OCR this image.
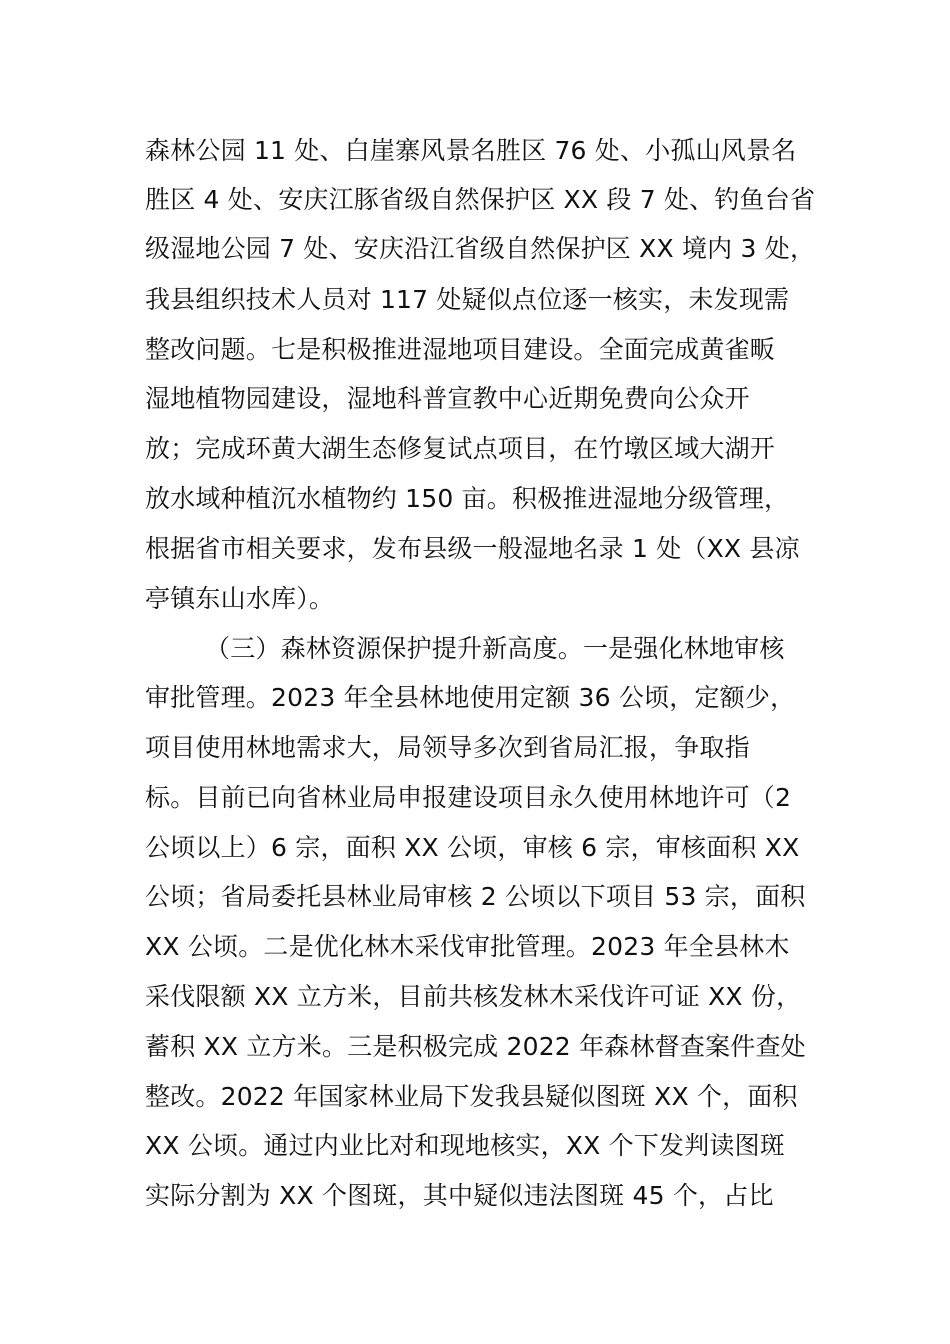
森林公园 11 处、白崖寨风景名胜区 76 处、小孤山风景名
胜区 4 处、安庆江豚省级自然保护区 XX 段 7 处、钓鱼台省
级湿地公园 7 处、安庆沿江省级自然保护区 XX 境内 3 处，
我县组织技术人员对 117 处疑似点位逐一核实，未发现需
整改问题。七是积极推进湿地项目建设。全面完成黄雀畈
湿地植物园建设，湿地科普宣教中心近期免费向公众开
放；完成环黄大湖生态修复试点项目，在竹墩区域大湖开
放水域种植沉水植物约 150 亩。积极推进湿地分级管理，
根据省市相关要求，发布县级一般湿地名录 1 处（XX 县凉
亭镇东山水库）。
（三）森林资源保护提升新高度。一是强化林地审核
审批管理。2023 年全县林地使用定额 36 公顷，定额少，
项目使用林地需求大，局领导多次到省局汇报，争取指
标。目前已向省林业局申报建设项目永久使用林地许可（2
公顷以上）6 宗，面积 XX 公顷，审核 6 宗，审核面积 XX
公顷；省局委托县林业局审核 2 公顷以下项目 53 宗，面积
XX 公顷。二是优化林木采伐审批管理。2023 年全县林木
采伐限额 XX 立方米，目前共核发林木采伐许可证 XX 份，
蓄积 XX 立方米。三是积极完成 2022 年森林督查案件查处
整改。2022 年国家林业局下发我县疑似图斑 XX 个，面积
XX 公顷。通过内业比对和现地核实，XX 个下发判读图斑
实际分割为 XX 个图斑，其中疑似违法图斑 45 个，占比
